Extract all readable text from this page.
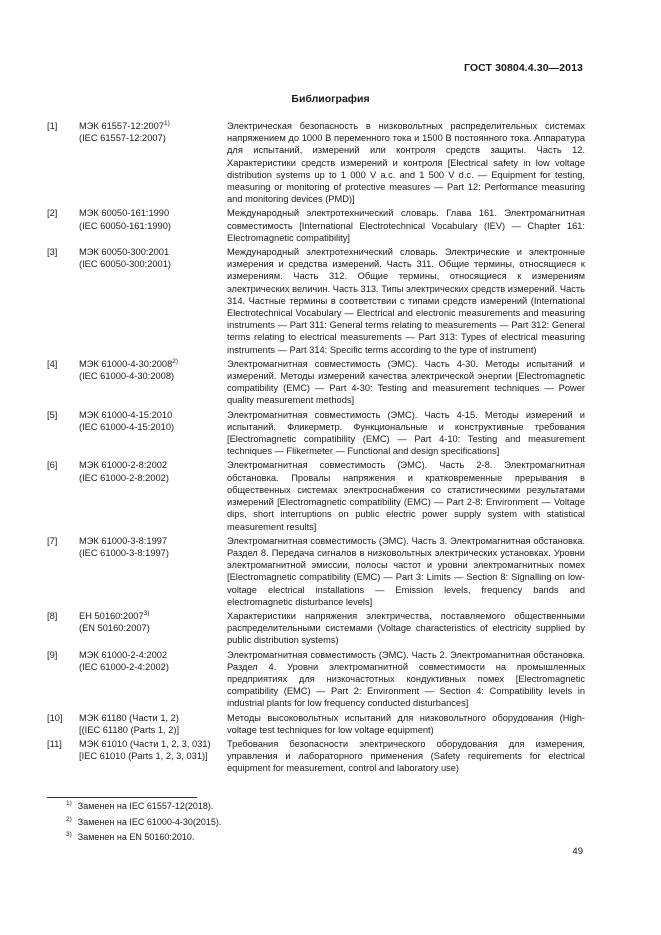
ГОСТ 30804.4.30—2013
Библиография
[1]	МЭК 61557-12:2007$^{1)}$
(IEC 61557-12:2007)
Электрическая безопасность в низковольтных распределительных системах напряжением до 1000 В переменного тока и 1500 В постоянного тока. Аппаратура для испытаний, измерений или контроля средств защиты. Часть 12. Характеристики средств измерений и контроля [Electrical safety in low voltage distribution systems up to 1 000 V a.c. and 1 500 V d.c. — Equipment for testing, measuring or monitoring of protective measures — Part 12: Performance measuring and monitoring devices (PMD)]
[2]	МЭК 60050-161:1990
(IEC 60050-161:1990)
Международный электротехнический словарь. Глава 161. Электромагнитная совместимость [International Electrotechnical Vocabulary (IEV) — Chapter 161: Electromagnetic compatibility]
[3]	МЭК 60050-300:2001
(IEC 60050-300:2001)
Международный электротехнический словарь. Электрические и электронные измерения и средства измерений. Часть 311. Общие термины, относящиеся к измерениям. Часть 312. Общие термины, относящиеся к измерениям электрических величин. Часть 313. Типы электрических средств измерений. Часть 314. Частные термины в соответствии с типами средств измерений (International Electrotechnical Vocabulary — Electrical and electronic measurements and measuring instruments — Part 311: General terms relating to measurements — Part 312: General terms relating to electrical measurements — Part 313: Types of electrical measuring instruments — Part 314: Specific terms according to the type of instrument)
[4]	МЭК 61000-4-30:2008$^{2)}$
(IEC 61000-4-30:2008)
Электромагнитная совместимость (ЭМС). Часть 4-30. Методы испытаний и измерений. Методы измерений качества электрической энергии [Electromagnetic compatibility (EMC) — Part 4-30: Testing and measurement techniques — Power quality measurement methods]
[5]	МЭК 61000-4-15:2010
(IEC 61000-4-15:2010)
Электромагнитная совместимость (ЭМС). Часть 4-15. Методы измерений и испытаний. Фликерметр. Функциональные и конструктивные требования [Electromagnetic compatibility (EMC) — Part 4-10: Testing and measurement techniques — Flikermeter — Functional and design specifications]
[6]	МЭК 61000-2-8:2002
(IEC 61000-2-8:2002)
Электромагнитная совместимость (ЭМС). Часть 2-8. Электромагнитная обстановка. Провалы напряжения и кратковременные прерывания в общественных системах электроснабжения со статистическими результатами измерений [Electromagnetic compatibility (EMC) — Part 2-8: Environment — Voltage dips, short interruptions on public electric power supply system with statistical measurement results]
[7]	МЭК 61000-3-8:1997
(IEC 61000-3-8:1997)
Электромагнитная совместимость (ЭМС). Часть 3. Электромагнитная обстановка. Раздел 8. Передача сигналов в низковольтных электрических установках. Уровни электромагнитной эмиссии, полосы частот и уровни электромагнитных помех [Electromagnetic compatibility (EMC) — Part 3: Limits — Section 8: Signalling on low-voltage electrical installations — Emission levels, frequency bands and electromagnetic disturbance levels]
[8]	ЕН 50160:2007$^{3)}$
(EN 50160:2007)
Характеристики напряжения электричества, поставляемого общественными распределительными системами (Voltage characteristics of electricity supplied by public distribution systems)
[9]	МЭК 61000-2-4:2002
(IEC 61000-2-4:2002)
Электромагнитная совместимость (ЭМС). Часть 2. Электромагнитная обстановка. Раздел 4. Уровни электромагнитной совместимости на промышленных предприятиях для низкочастотных кондуктивных помех [Electromagnetic compatibility (EMC) — Part 2: Environment — Section 4: Compatibility levels in industrial plants for low frequency conducted disturbances]
[10]	МЭК 61180 (Части 1, 2)
[(IEC 61180 (Parts 1, 2)]
Методы высоковольтных испытаний для низковольтного оборудования (High-voltage test techniques for low voltage equipment)
[11]	МЭК 61010 (Части 1, 2, 3, 031)
[IEC 61010 (Parts 1, 2, 3, 031)]
Требования безопасности электрического оборудования для измерения, управления и лабораторного применения (Safety requirements for electrical equipment for measurement, control and laboratory use)
$^{1)}$ Заменен на IEC 61557-12(2018).
$^{2)}$ Заменен на IEC 61000-4-30(2015).
$^{3)}$ Заменен на EN 50160:2010.
49
